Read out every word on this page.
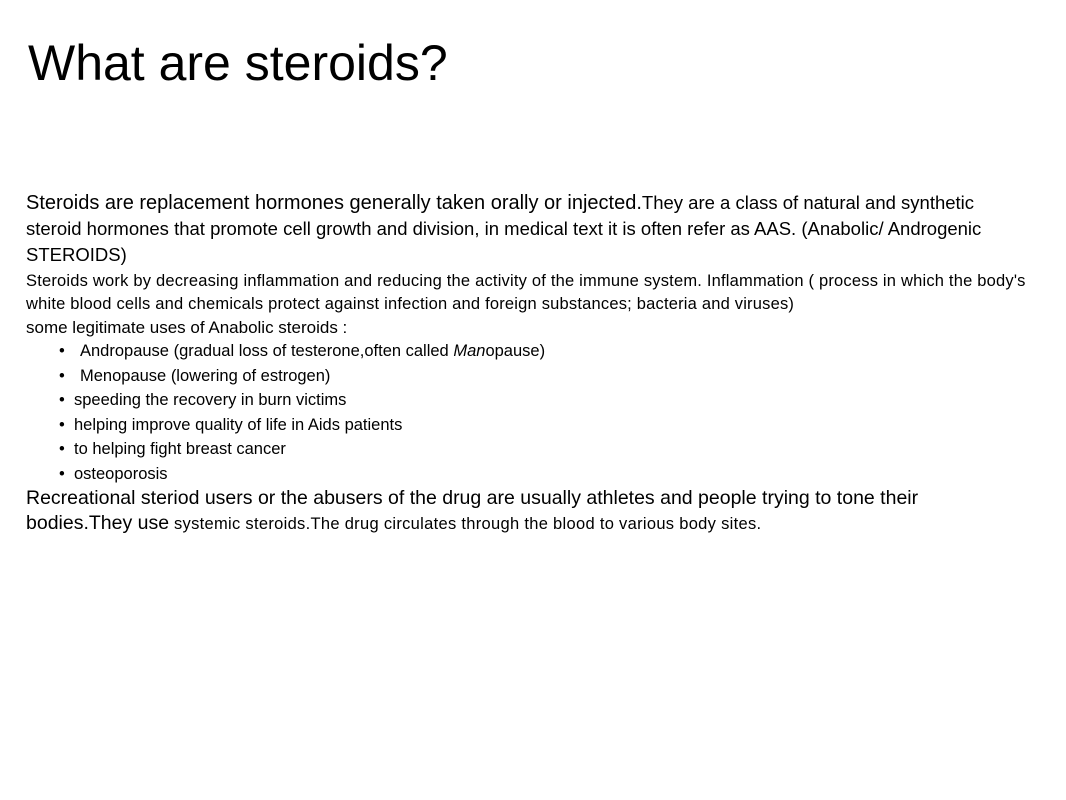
What are steroids?

Steroids are replacement hormones generally taken orally or injected.They are a class of natural and synthetic steroid hormones that promote cell growth and division, in medical text it is often refer as AAS. (Anabolic/ Androgenic STEROIDS)

Steroids work by decreasing inflammation and reducing the activity of the immune system. Inflammation ( process in which the body's white blood cells and chemicals protect against infection and foreign substances; bacteria and viruses)

some legitimate uses of Anabolic steroids :

• Andropause (gradual loss of testerone,often called Manopause)
• Menopause (lowering of estrogen)
• speeding the recovery in burn victims
• helping improve quality of life in Aids patients
• to helping fight breast cancer
• osteoporosis

Recreational steriod users or the abusers of the drug are usually athletes and people trying to tone their bodies.They use systemic steroids.The drug circulates through the blood to various body sites.
